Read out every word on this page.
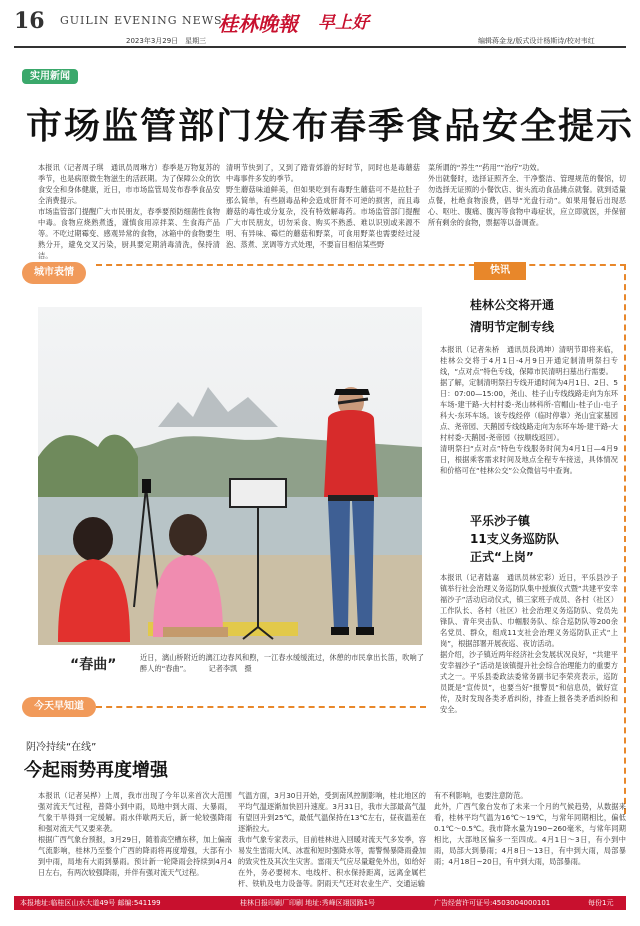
16 GUILIN EVENING NEWS
桂林晚報 早上好
2023年3月29日　星期三	编辑蒋金龙/版式设计杨斯诗/校对韦红
实用新闻
市场监管部门发布春季食品安全提示
本报讯（记者周子琪　通讯员周琳方）春季是万物复苏的季节，也是病原微生物滋生的活跃期。为了保障公众的饮食安全和身体健康，近日，市市场监管局发布春季食品安全消费提示。
市场监管部门提醒广大市民朋友，春季要预防细菌性食物中毒。食物应烧熟煮透，谨慎食用凉拌菜、生食海产品等。不吃过期霉变、感观异常的食物，冰箱中的食物要生熟分开，避免交叉污染，厨具要定期消毒清洗，保持清洁。
清明节快到了，又到了踏青郊游的好时节，同时也是毒蘑菇中毒事件多发的季节。
野生蘑菇味道鲜美，但如果吃到有毒野生蘑菇可不是拉肚子那么简单，有些剧毒品种会造成肝肾不可逆的损害，而且毒蘑菇的毒性或分复杂，没有特效解毒药。市场监管部门提醒广大市民朋友，切勿采食、购买不熟悉、难以识别或来源不明、有异味、霉烂的蘑菇和野菜，可食用野菜也需要经过浸泡、蒸煮、烹调等方式处理，不要盲目相信某些野
菜所谓的“养生”“药用”“治疗”功效。
外出就餐时，选择证照齐全、干净整洁、管理规范的餐馆，切勿选择无证照的小餐饮店、街头流动食品摊点就餐。就到适量点餐，杜绝食物浪费，倡导“光盘行动”。如果用餐后出现恶心、呕吐、腹痛、腹泻等食物中毒症状，应立即就医，并保留所有剩余的食物，票据等以备调查。
城市表情
“春曲”	近日，漓山桥附近的漓江边春风和煦，一江春水缓缓流过，休憩的市民拿出长笛，吹响了醉人的“春曲”。　　　记者李凯　摄
快讯
桂林公交将开通
清明节定制专线
本报讯（记者朱桥　通讯员段鸿坤）清明节即将来临，桂林公交将于4月1日-4月9日开通定制清明祭扫专线，“点对点”特色专线，保障市民清明扫墓出行需要。
据了解，定制清明祭扫专线开通时间为4月1日、2日、5日：07:00—15:00，尧山、桂子山专线线路走向为东环车场-建干路-大村村委-尧山林科所-官帽山-桂子山-屯子科大-东环车场。该专线经停（临时停靠）尧山宜家墓园点、尧帝园、天鹅园专线线路走向为东环车场-建干路-大村村委-天鹅园-尧帝园（按顺线返回）。
清明祭扫“点对点”特色专线服务时间为4月1日—4月9日，根据乘客需求时间及地点全程专车接送，具体情况和价格可在“桂林公交”公众微信号中查询。
平乐沙子镇
11支义务巡防队
正式“上岗”
本报讯（记者陆嘉　通讯员林宏彩）近日，平乐县沙子镇举行社会治理义务巡防队集中授旗仪式暨“共建平安幸福沙子”活动启动仪式，镇三家班子成员、各村（社区）工作队长、各村（社区）社会治理义务巡防队、党员先锋队、青年突击队、巾帼服务队、综合巡防队等200余名党员、群众，组成11支社会治理义务巡防队正式“上岗”，根据部署开展夜巡、夜访活动。
据介绍，沙子镇近两年经济社会发展状况良好，“共建平安幸福沙子”活动是该镇提升社会综合治理能力的重要方式之一。平乐县委政法委常务副书记李荣亮表示，巡防员既是“宣传员”，也要当好“报警员”和信息员，做好宣传，及时发现各类矛盾纠纷，排查上报各类矛盾纠纷和安全。
今天早知道
阴冷持续“在线”
今起雨势再度增强
本报讯（记者吴桦）上周，我市出现了今年以来首次大范围强对流天气过程，普降小到中雨，局地中到大雨、大暴雨，气象干旱得到一定缓解。雨水伴歇两天后，新一轮较强降雨和强对流天气又要来袭。
根据广西气象台预报，3月29日，随着高空槽东移，加上偏南气流影响，桂林乃至整个广西的降雨将再度增强，大部有小到中雨，局地有大雨到暴雨。预计新一轮降雨会持续到4月4日左右，有两次较强降雨，并伴有强对流天气过程。
气温方面，3月30日开始，受到南风控制影响，桂北地区的平均气温逐渐加快回升速度。3月31日，我市大部最高气温有望回升到25℃，最低气温保持在13℃左右，昼夜温差在逐渐拉大。
我市气象专家表示，目前桂林进入回暖对流天气多发季，容易发生雷雨大风、冰雹和短时强降水等，需警惕暴降雨叠加的致灾性及其次生灾害。雷雨天气应尽量避免外出，如给好在外，务必要树木、电线杆、积水保持距离，远离金属栏杆、铁轨及电力设备等。阴雨天气还对农业生产、交通运输
有不利影响，也要注意防范。
此外，广西气象台发布了未来一个月的气候趋势，从数据来看，桂林平均气温为16℃～19℃，与常年同期相比，偏低0.1℃～0.5℃。我市降水量为190~260毫米，与常年同期相比，大部地区偏多一至四成。4月1日～3日，有小到中雨，局部大到暴雨；4月8日～13日，有中到大雨，局部暴雨；4月18日~20日，有中到大雨，局部暴雨。
本报地址:临桂区山水大道49号 邮编:541199	桂林日报印刷厂印刷 地址:秀峰区翊园路1号	广告经营许可证号:4503004000101	每份1元
